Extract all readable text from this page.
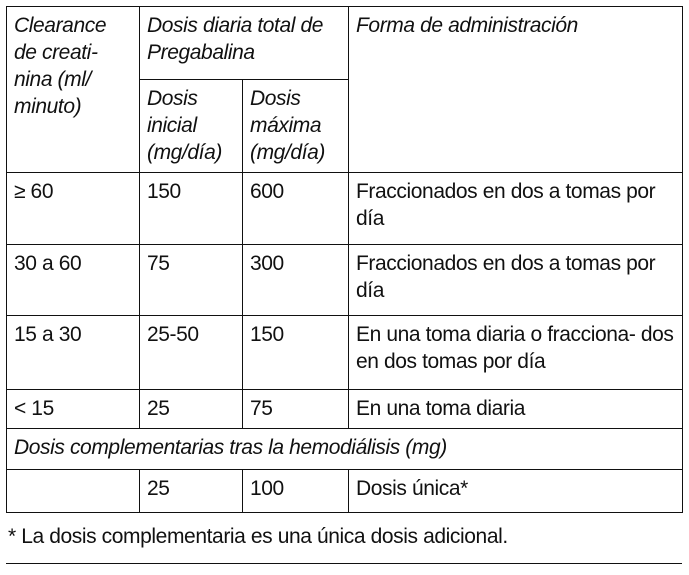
Clearance de creati- nina (ml/ minuto)	Dosis diaria total de Pregabalina		Forma de administración
	Dosis inicial (mg/día)	Dosis máxima (mg/día)	
≥ 60	150	600	Fraccionados en dos a tomas por día
30 a 60	75	300	Fraccionados en dos a tomas por día
15 a 30	25-50	150	En una toma diaria o fracciona- dos en dos tomas por día
< 15	25	75	En una toma diaria
Dosis complementarias tras la hemodiálisis (mg)			
	25	100	Dosis única*
* La dosis complementaria es una única dosis adicional.
